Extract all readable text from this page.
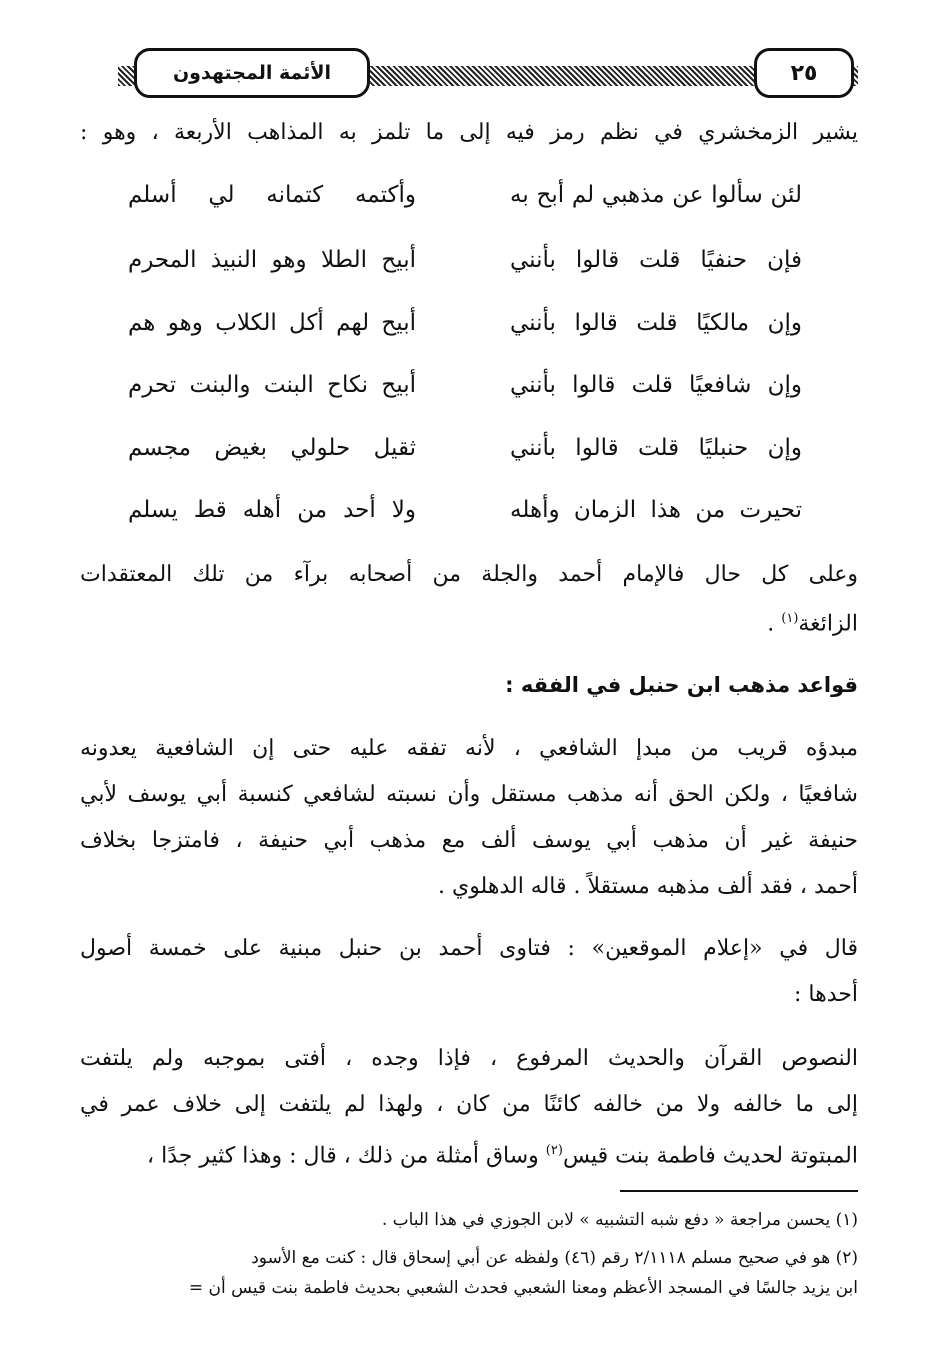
الأئمة المجتهدون	٢٥
يشير الزمخشري في نظم رمز فيه إلى ما تلمز به المذاهب الأربعة ، وهو :
لئن سألوا عن مذهبي لم أبح به
وأكتمه كتمانه لي أسلم
فإن حنفيًا قلت قالوا بأنني
أبيح الطلا وهو النبيذ المحرم
وإن مالكيًا قلت قالوا بأنني
أبيح لهم أكل الكلاب وهو هم
وإن شافعيًا قلت قالوا بأنني
أبيح نكاح البنت والبنت تحرم
وإن حنبليًا قلت قالوا بأنني
ثقيل حلولي بغيض مجسم
تحيرت من هذا الزمان وأهله
ولا أحد من أهله قط يسلم
وعلى كل حال فالإمام أحمد والجلة من أصحابه برآء من تلك المعتقدات
الزائغة$^{(١)}$ .
قواعد مذهب ابن حنبل في الفقه :
مبدؤه قريب من مبدإ الشافعي ، لأنه تفقه عليه حتى إن الشافعية يعدونه
شافعيًا ، ولكن الحق أنه مذهب مستقل وأن نسبته لشافعي كنسبة أبي يوسف لأبي
حنيفة غير أن مذهب أبي يوسف ألف مع مذهب أبي حنيفة ، فامتزجا بخلاف
أحمد ، فقد ألف مذهبه مستقلاً . قاله الدهلوي .
قال في «إعلام الموقعين» : فتاوى أحمد بن حنبل مبنية على خمسة أصول
أحدها :
النصوص القرآن والحديث المرفوع ، فإذا وجده ، أفتى بموجبه ولم يلتفت
إلى ما خالفه ولا من خالفه كائنًا من كان ، ولهذا لم يلتفت إلى خلاف عمر في
المبتوتة لحديث فاطمة بنت قيس$^{(٢)}$ وساق أمثلة من ذلك ، قال : وهذا كثير جدًا ،
(١) يحسن مراجعة « دفع شبه التشبيه » لابن الجوزي في هذا الباب .
(٢) هو في صحيح مسلم ٢/١١١٨ رقم (٤٦) ولفظه عن أبي إسحاق قال : كنت مع الأسود
ابن يزيد جالسًا في المسجد الأعظم ومعنا الشعبي فحدث الشعبي بحديث فاطمة بنت قيس أن =
